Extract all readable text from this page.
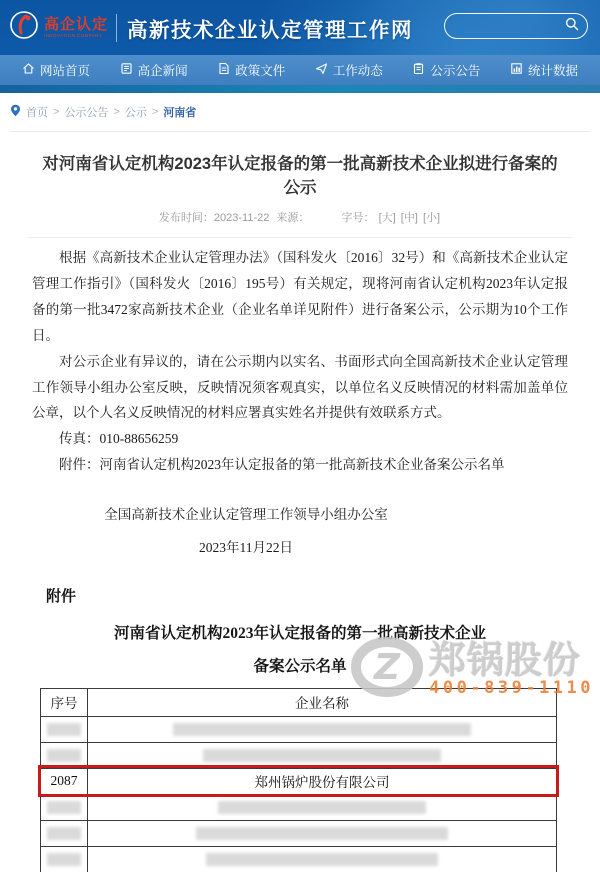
高企认定
INNOVATION COMPANY 高新技术企业认定管理工作网
网站首页	高企新闻	政策文件	工作动态	公示公告	统计数据
首页 > 公示公告 > 公示 > 河南省
对河南省认定机构2023年认定报备的第一批高新技术企业拟进行备案的公示
发布时间：2023-11-22 来源：	字号： [大] [中] [小]

根据《高新技术企业认定管理办法》（国科发火〔2016〕32号）和《高新技术企业认定管理工作指引》（国科发火〔2016〕195号）有关规定，现将河南省认定机构2023年认定报备的第一批3472家高新技术企业（企业名单详见附件）进行备案公示，公示期为10个工作日。

对公示企业有异议的，请在公示期内以实名、书面形式向全国高新技术企业认定管理工作领导小组办公室反映，反映情况须客观真实，以单位名义反映情况的材料需加盖单位公章，以个人名义反映情况的材料应署真实姓名并提供有效联系方式。

传真：010-88656259

附件：河南省认定机构2023年认定报备的第一批高新技术企业备案公示名单

全国高新技术企业认定管理工作领导小组办公室
2023年11月22日
附件
河南省认定机构2023年认定报备的第一批高新技术企业
备案公示名单
序号	企业名称
2087	郑州锅炉股份有限公司
Z 郑锅股份
400-839-1110
